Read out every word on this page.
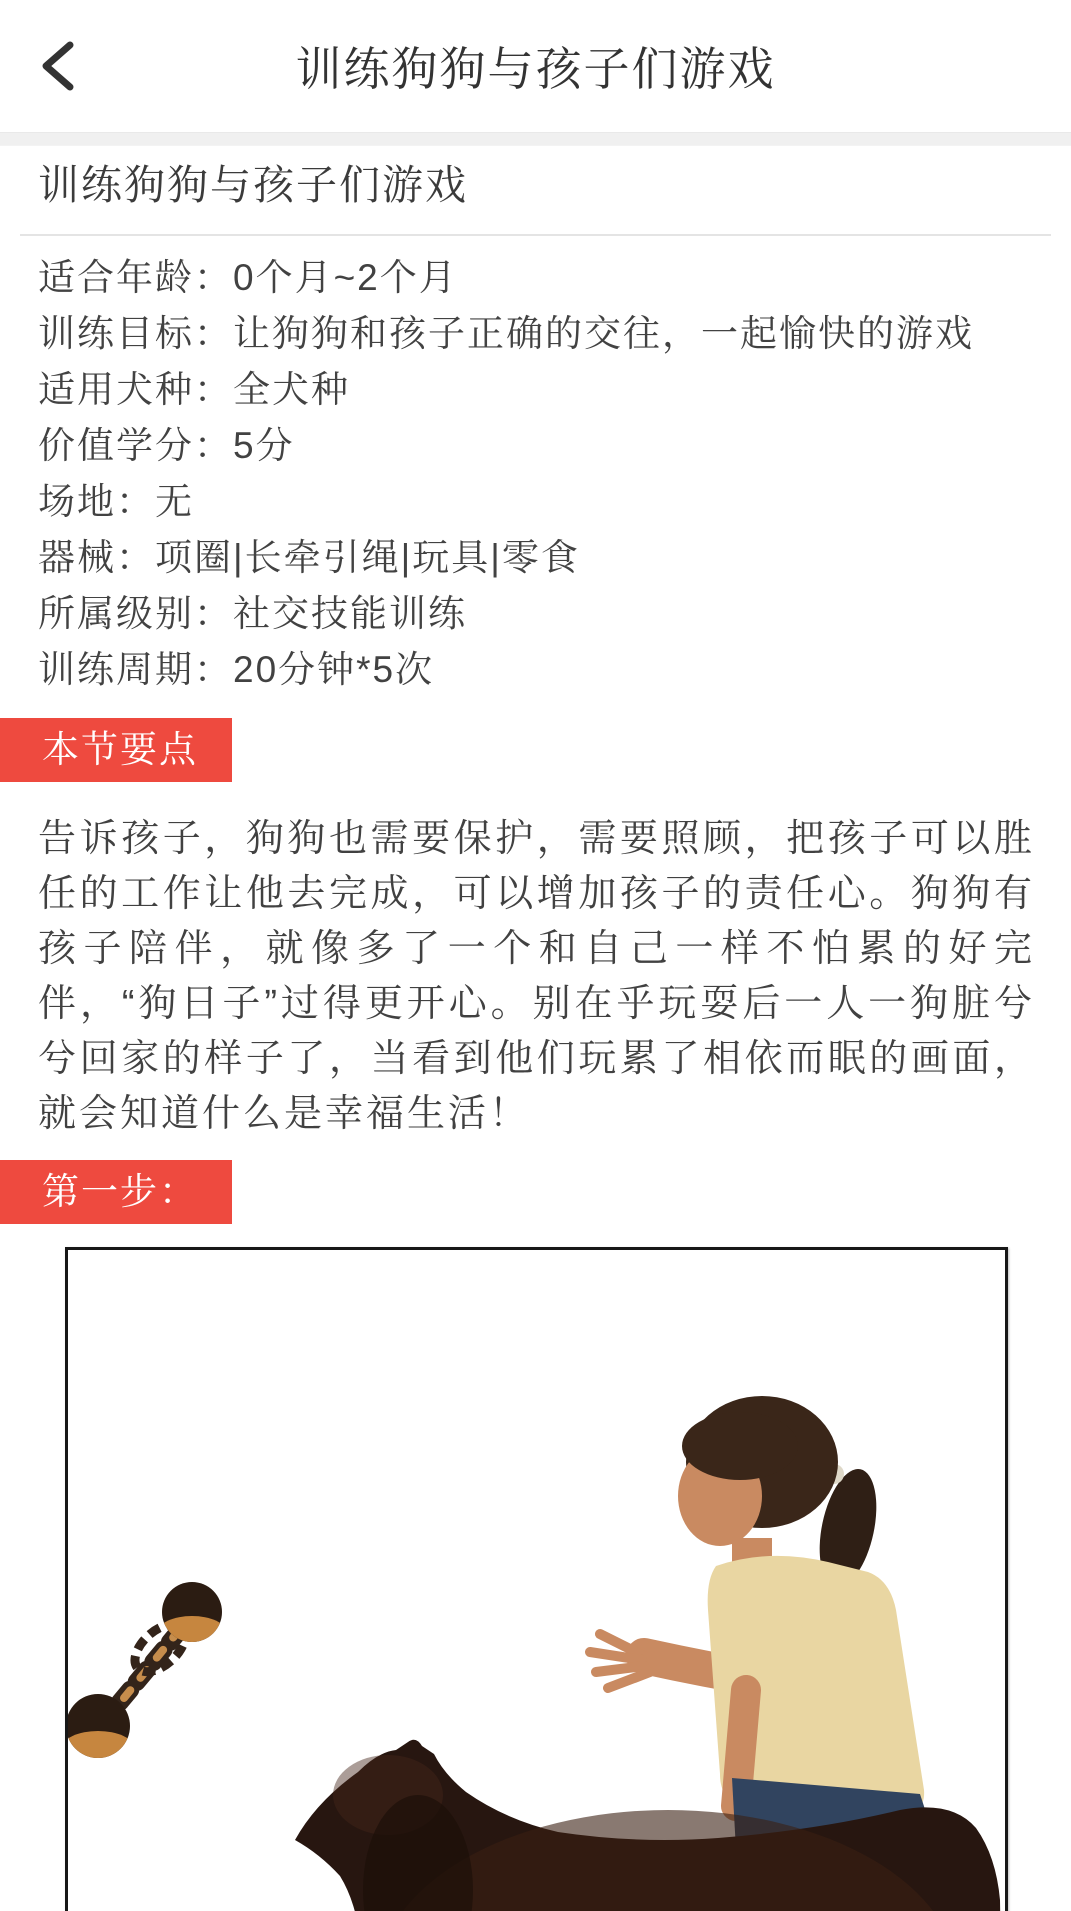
训练狗狗与孩子们游戏
训练狗狗与孩子们游戏
适合年龄：0个月~2个月
训练目标：让狗狗和孩子正确的交往，一起愉快的游戏
适用犬种：全犬种
价值学分：5分
场地：无
器械：项圈|长牵引绳|玩具|零食
所属级别：社交技能训练
训练周期：20分钟*5次
本节要点

告诉孩子，狗狗也需要保护，需要照顾，把孩子可以胜任的工作让他去完成，可以增加孩子的责任心。狗狗有孩子陪伴，就像多了一个和自己一样不怕累的好完伴，“狗日子”过得更开心。别在乎玩耍后一人一狗脏兮兮回家的样子了，当看到他们玩累了相依而眠的画面，就会知道什么是幸福生活！

第一步：
